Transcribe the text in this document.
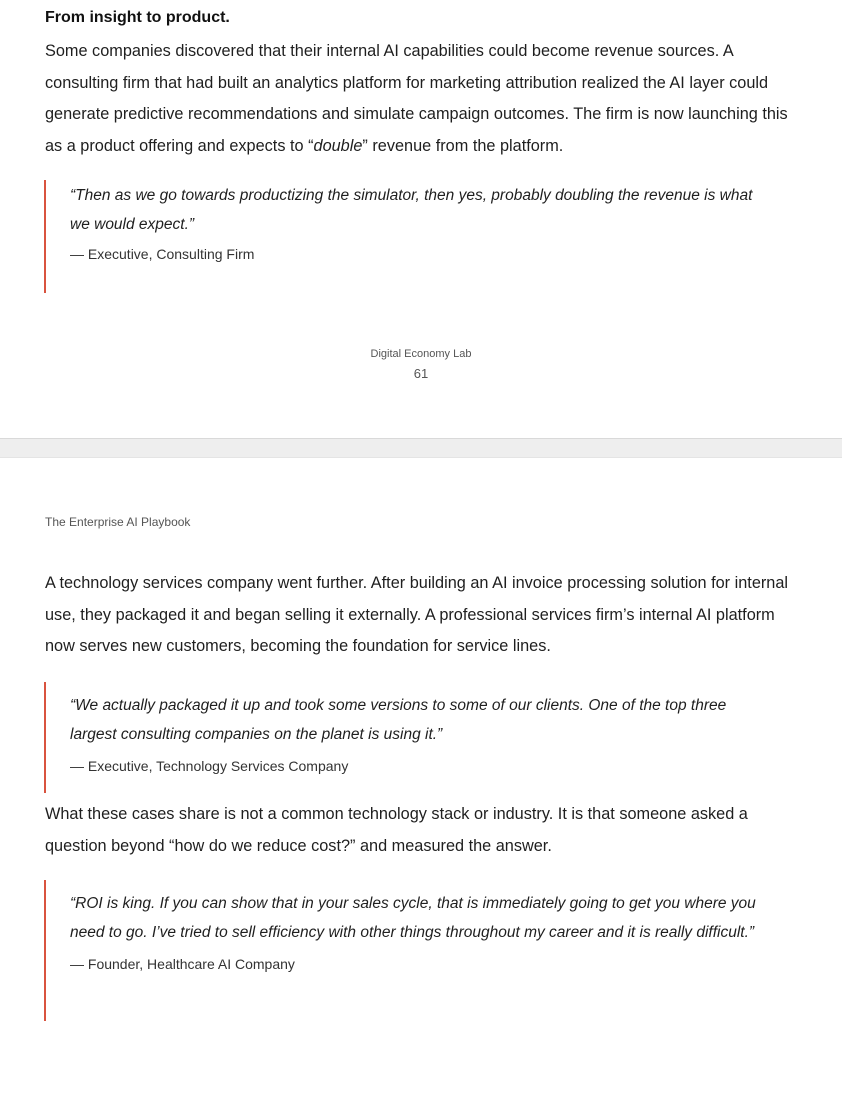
From insight to product.

Some companies discovered that their internal AI capabilities could become revenue sources. A consulting firm that had built an analytics platform for marketing attribution realized the AI layer could generate predictive recommendations and simulate campaign outcomes. The firm is now launching this as a product offering and expects to “double” revenue from the platform.

“Then as we go towards productizing the simulator, then yes, probably doubling the revenue is what we would expect.”

— Executive, Consulting Firm

Digital Economy Lab
61
The Enterprise AI Playbook

A technology services company went further. After building an AI invoice processing solution for internal use, they packaged it and began selling it externally. A professional services firm’s internal AI platform now serves new customers, becoming the foundation for service lines.

“We actually packaged it up and took some versions to some of our clients. One of the top three largest consulting companies on the planet is using it.”

— Executive, Technology Services Company

What these cases share is not a common technology stack or industry. It is that someone asked a question beyond “how do we reduce cost?” and measured the answer.

“ROI is king. If you can show that in your sales cycle, that is immediately going to get you where you need to go. I’ve tried to sell efficiency with other things throughout my career and it is really difficult.”

— Founder, Healthcare AI Company
